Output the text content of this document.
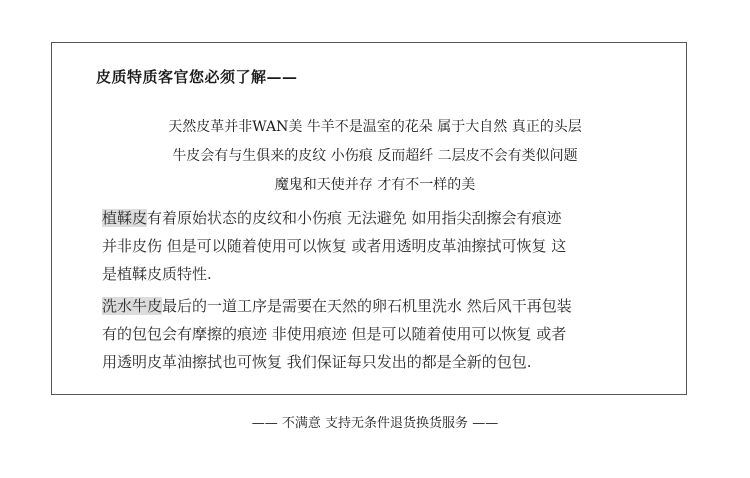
皮质特质客官您必须了解——
天然皮革并非WAN美 牛羊不是温室的花朵 属于大自然 真正的头层
牛皮会有与生俱来的皮纹 小伤痕 反而超纤 二层皮不会有类似问题
魔鬼和天使并存 才有不一样的美
植鞣皮有着原始状态的皮纹和小伤痕 无法避免 如用指尖刮擦会有痕迹
并非皮伤 但是可以随着使用可以恢复 或者用透明皮革油擦拭可恢复 这
是植鞣皮质特性.
洗水牛皮最后的一道工序是需要在天然的卵石机里洗水 然后风干再包装
有的包包会有摩擦的痕迹 非使用痕迹 但是可以随着使用可以恢复 或者
用透明皮革油擦拭也可恢复 我们保证每只发出的都是全新的包包.
—— 不满意 支持无条件退货换货服务 ——
